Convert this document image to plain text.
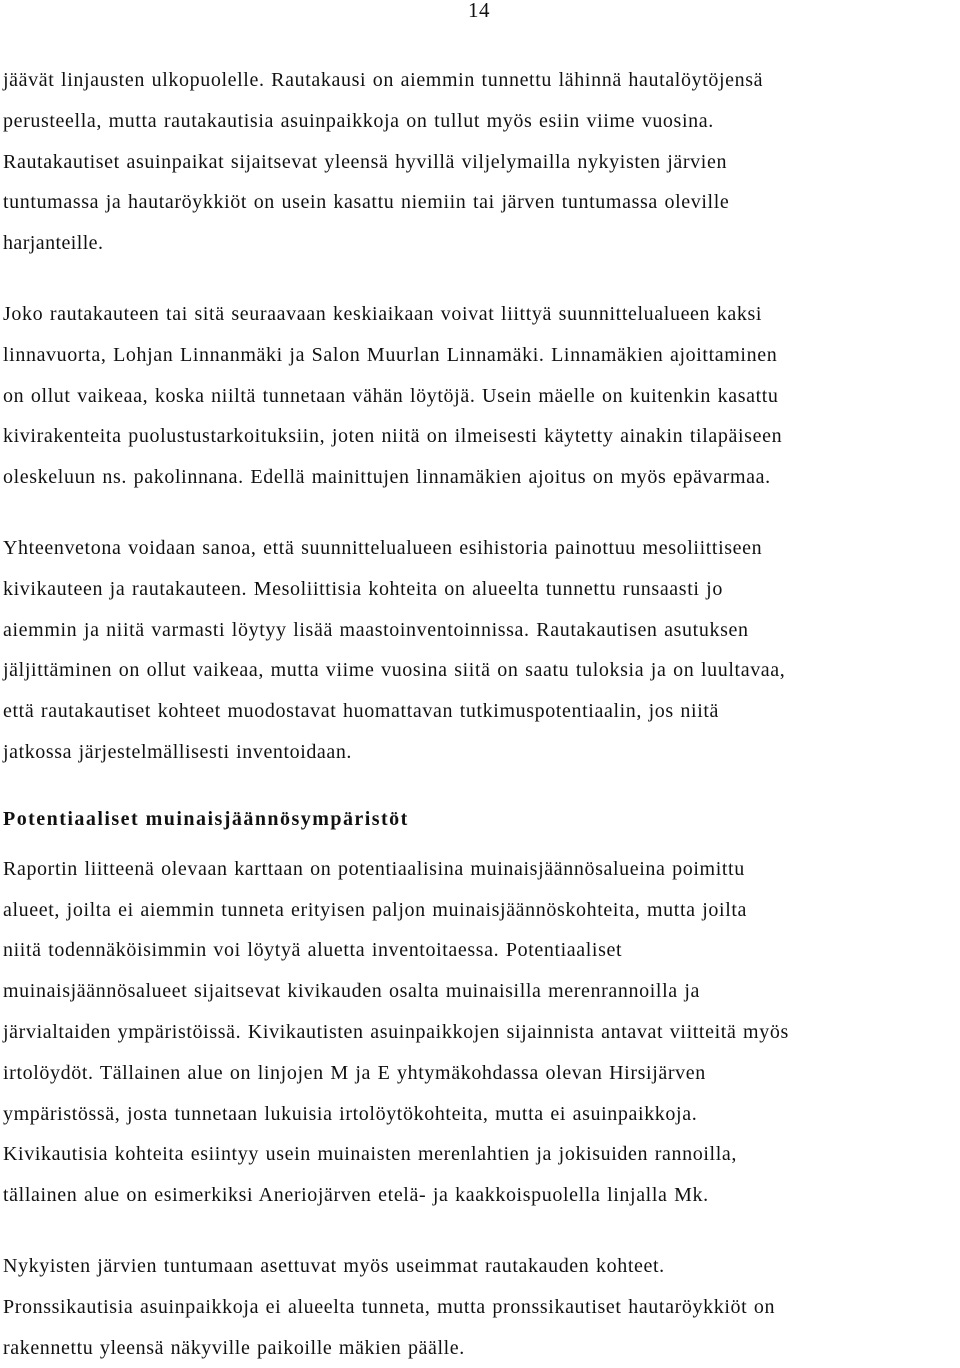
14

jäävät linjausten ulkopuolelle. Rautakausi on aiemmin tunnettu lähinnä hautalöytöjensä
perusteella, mutta rautakautisia asuinpaikkoja on tullut myös esiin viime vuosina.
Rautakautiset asuinpaikat sijaitsevat yleensä hyvillä viljelymailla nykyisten järvien
tuntumassa ja hautaröykkiöt on usein kasattu niemiin tai järven tuntumassa oleville
harjanteille.

Joko rautakauteen tai sitä seuraavaan keskiaikaan voivat liittyä suunnittelualueen kaksi
linnavuorta, Lohjan Linnanmäki ja Salon Muurlan Linnamäki. Linnamäkien ajoittaminen
on ollut vaikeaa, koska niiltä tunnetaan vähän löytöjä. Usein mäelle on kuitenkin kasattu
kivirakenteita puolustustarkoituksiin, joten niitä on ilmeisesti käytetty ainakin tilapäiseen
oleskeluun ns. pakolinnana. Edellä mainittujen linnamäkien ajoitus on myös epävarmaa.

Yhteenvetona voidaan sanoa, että suunnittelualueen esihistoria painottuu mesoliittiseen
kivikauteen ja rautakauteen. Mesoliittisia kohteita on alueelta tunnettu runsaasti jo
aiemmin ja niitä varmasti löytyy lisää maastoinventoinnissa. Rautakautisen asutuksen
jäljittäminen on ollut vaikeaa, mutta viime vuosina siitä on saatu tuloksia ja on luultavaa,
että rautakautiset kohteet muodostavat huomattavan tutkimuspotentiaalin, jos niitä
jatkossa järjestelmällisesti inventoidaan.

Potentiaaliset muinaisjäännösympäristöt

Raportin liitteenä olevaan karttaan on potentiaalisina muinaisjäännösalueina poimittu
alueet, joilta ei aiemmin tunneta erityisen paljon muinaisjäännöskohteita, mutta joilta
niitä todennäköisimmin voi löytyä aluetta inventoitaessa. Potentiaaliset
muinaisjäännösalueet sijaitsevat kivikauden osalta muinaisilla merenrannoilla ja
järvialtaiden ympäristöissä. Kivikautisten asuinpaikkojen sijainnista antavat viitteitä myös
irtolöydöt. Tällainen alue on linjojen M ja E yhtymäkohdassa olevan Hirsijärven
ympäristössä, josta tunnetaan lukuisia irtolöytökohteita, mutta ei asuinpaikkoja.
Kivikautisia kohteita esiintyy usein muinaisten merenlahtien ja jokisuiden rannoilla,
tällainen alue on esimerkiksi Aneriojärven etelä- ja kaakkoispuolella linjalla Mk.

Nykyisten järvien tuntumaan asettuvat myös useimmat rautakauden kohteet.
Pronssikautisia asuinpaikkoja ei alueelta tunneta, mutta pronssikautiset hautaröykkiöt on
rakennettu yleensä näkyville paikoille mäkien päälle.
